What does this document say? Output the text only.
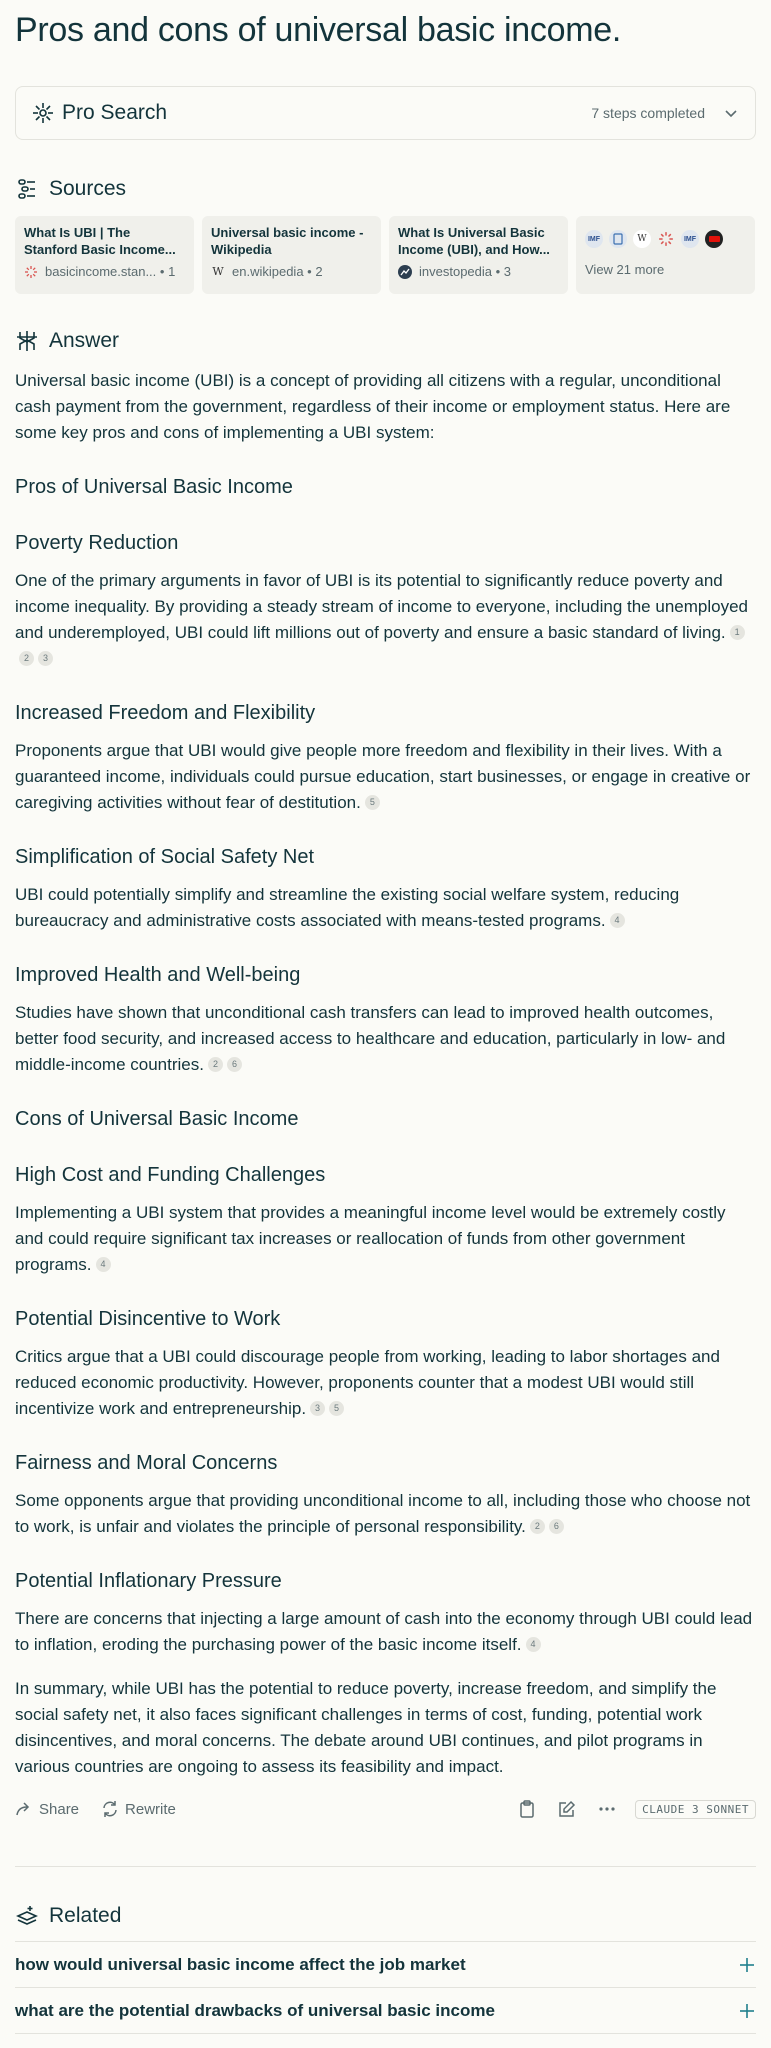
Pros and cons of universal basic income.
Pro Search	7 steps completed
Sources
What Is UBI | The Stanford Basic Income...
basicincome.stan... • 1
Universal basic income - Wikipedia
W en.wikipedia • 2
What Is Universal Basic Income (UBI), and How...
investopedia • 3
IMF	W	IMF
View 21 more
Answer

Universal basic income (UBI) is a concept of providing all citizens with a regular, unconditional cash payment from the government, regardless of their income or employment status. Here are some key pros and cons of implementing a UBI system:

Pros of Universal Basic Income
Poverty Reduction

One of the primary arguments in favor of UBI is its potential to significantly reduce poverty and income inequality. By providing a steady stream of income to everyone, including the unemployed and underemployed, UBI could lift millions out of poverty and ensure a basic standard of living. 12 3

Increased Freedom and Flexibility

Proponents argue that UBI would give people more freedom and flexibility in their lives. With a guaranteed income, individuals could pursue education, start businesses, or engage in creative or caregiving activities without fear of destitution. 5

Simplification of Social Safety Net

UBI could potentially simplify and streamline the existing social welfare system, reducing bureaucracy and administrative costs associated with means-tested programs. 4

Improved Health and Well-being

Studies have shown that unconditional cash transfers can lead to improved health outcomes, better food security, and increased access to healthcare and education, particularly in low- and middle-income countries. 2 6

Cons of Universal Basic Income
High Cost and Funding Challenges

Implementing a UBI system that provides a meaningful income level would be extremely costly and could require significant tax increases or reallocation of funds from other government programs. 4

Potential Disincentive to Work

Critics argue that a UBI could discourage people from working, leading to labor shortages and reduced economic productivity. However, proponents counter that a modest UBI would still incentivize work and entrepreneurship. 3 5

Fairness and Moral Concerns

Some opponents argue that providing unconditional income to all, including those who choose not to work, is unfair and violates the principle of personal responsibility. 2 6

Potential Inflationary Pressure

There are concerns that injecting a large amount of cash into the economy through UBI could lead to inflation, eroding the purchasing power of the basic income itself. 4

In summary, while UBI has the potential to reduce poverty, increase freedom, and simplify the social safety net, it also faces significant challenges in terms of cost, funding, potential work disincentives, and moral concerns. The debate around UBI continues, and pilot programs in various countries are ongoing to assess its feasibility and impact.

Share	Rewrite	CLAUDE 3 SONNET
Related
how would universal basic income affect the job market
what are the potential drawbacks of universal basic income
